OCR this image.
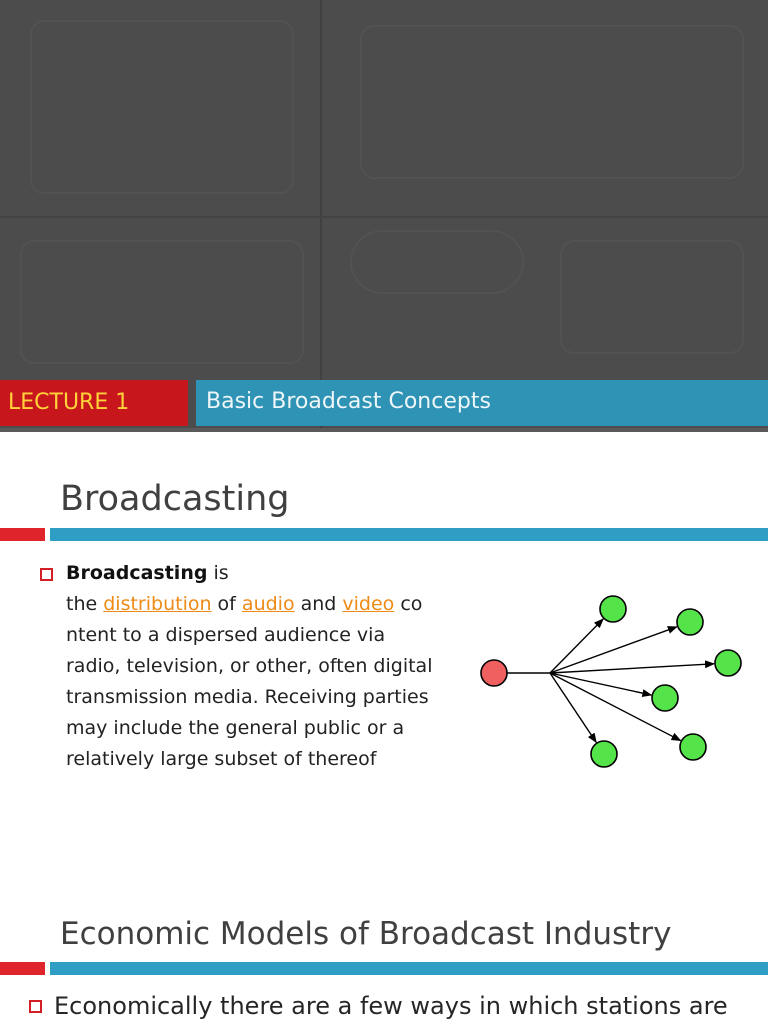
LECTURE 1	Basic Broadcast Concepts
Broadcasting

Broadcasting is
the distribution of audio and video co
ntent to a dispersed audience via
radio, television, or other, often digital
transmission media. Receiving parties
may include the general public or a
relatively large subset of thereof

Economic Models of Broadcast Industry

Economically there are a few ways in which stations are
